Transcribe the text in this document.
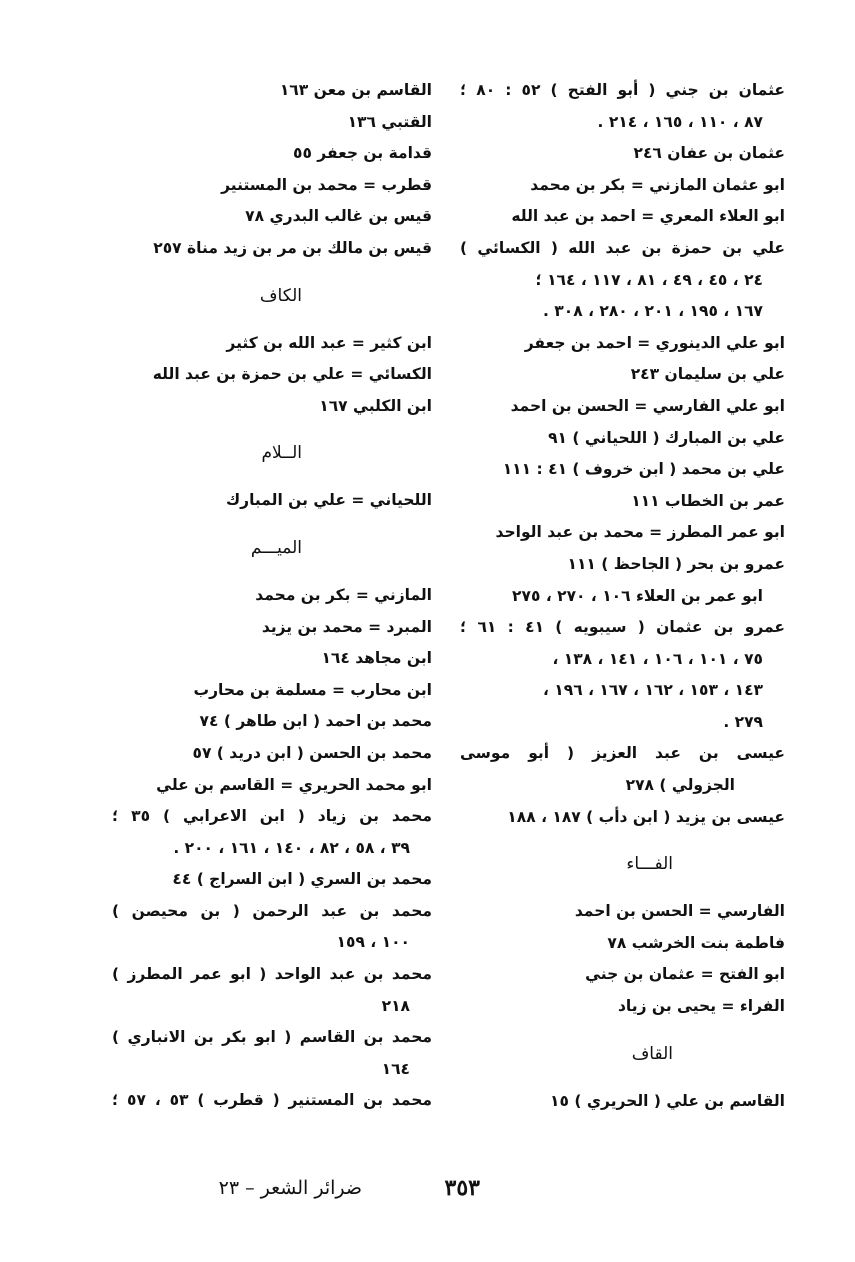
عثمان بن جني ( أبو الفتح ) ٥٢ : ٨٠ ؛
٨٧ ، ١١٠ ، ١٦٥ ، ٢١٤ .
عثمان بن عفان ٢٤٦
ابو عثمان المازني = بكر بن محمد
ابو العلاء المعري = احمد بن عبد الله
علي بن حمزة بن عبد الله ( الكسائي )
٢٤ ، ٤٥ ، ٤٩ ، ٨١ ، ١١٧ ، ١٦٤ ؛
١٦٧ ، ١٩٥ ، ٢٠١ ، ٢٨٠ ، ٣٠٨ .
ابو علي الدينوري = احمد بن جعفر
علي بن سليمان ٢٤٣
ابو علي الفارسي = الحسن بن احمد
علي بن المبارك ( اللحياني ) ٩١
علي بن محمد ( ابن خروف ) ٤١ : ١١١
عمر بن الخطاب ١١١
ابو عمر المطرز = محمد بن عبد الواحد
عمرو بن بحر ( الجاحظ ) ١١١
ابو عمر بن العلاء ١٠٦ ، ٢٧٠ ، ٢٧٥
عمرو بن عثمان ( سيبويه ) ٤١ : ٦١ ؛
٧٥ ، ١٠١ ، ١٠٦ ، ١٤١ ، ١٣٨ ،
١٤٣ ، ١٥٣ ، ١٦٢ ، ١٦٧ ، ١٩٦ ،
٢٧٩ .
عيسى بن عبد العزيز ( أبو موسى
الجزولي ) ٢٧٨
عيسى بن يزيد ( ابن دأب ) ١٨٧ ، ١٨٨
الفـــاء
الفارسي = الحسن بن احمد
فاطمة بنت الخرشب ٧٨
ابو الفتح = عثمان بن جني
الفراء = يحيى بن زياد
القاف
القاسم بن علي ( الحريري ) ١٥
القاسم بن معن ١٦٣
القتبي ١٣٦
قدامة بن جعفر ٥٥
قطرب = محمد بن المستنير
قيس بن غالب البدري ٧٨
قيس بن مالك بن مر بن زيد مناة ٢٥٧
الكاف
ابن كثير = عبد الله بن كثير
الكسائي = علي بن حمزة بن عبد الله
ابن الكلبي ١٦٧
الــلام
اللحياني = علي بن المبارك
الميـــم
المازني = بكر بن محمد
المبرد = محمد بن يزيد
ابن مجاهد ١٦٤
ابن محارب = مسلمة بن محارب
محمد بن احمد ( ابن طاهر ) ٧٤
محمد بن الحسن ( ابن دريد ) ٥٧
ابو محمد الحريري = القاسم بن علي
محمد بن زياد ( ابن الاعرابي ) ٣٥ ؛
٣٩ ، ٥٨ ، ٨٢ ، ١٤٠ ، ١٦١ ، ٢٠٠ .
محمد بن السري ( ابن السراج ) ٤٤
محمد بن عبد الرحمن ( بن محيصن )
١٠٠ ، ١٥٩
محمد بن عبد الواحد ( ابو عمر المطرز )
٢١٨
محمد بن القاسم ( ابو بكر بن الانباري )
١٦٤
محمد بن المستنير ( قطرب ) ٥٣ ، ٥٧ ؛
٣٥٣
ضرائر الشعر – ٢٣
